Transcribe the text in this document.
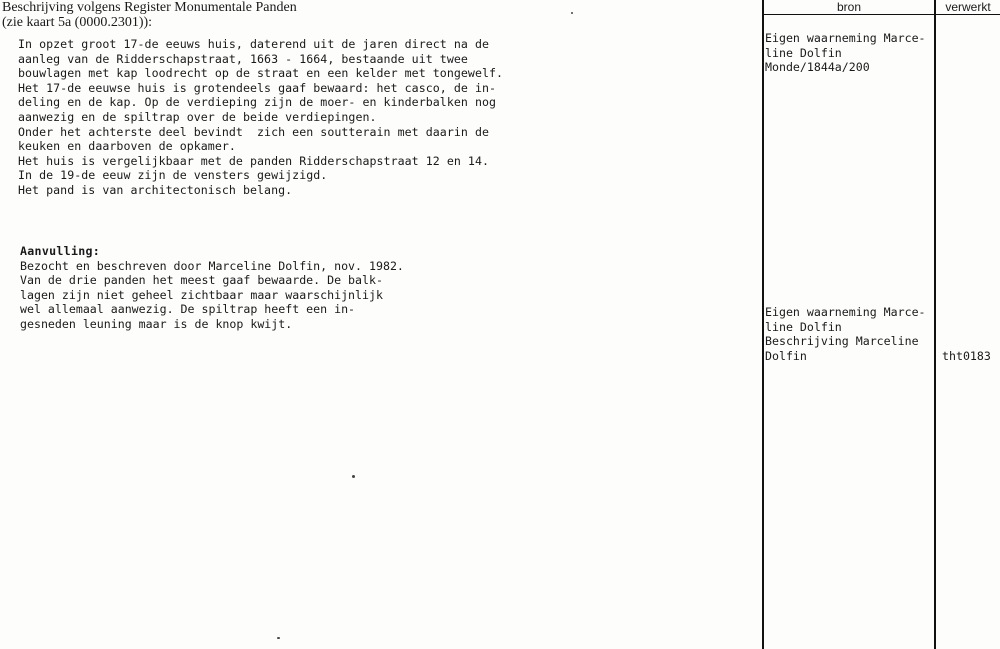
Beschrijving volgens Register Monumentale Panden
(zie kaart 5a (0000.2301)):
In opzet groot 17-de eeuws huis, daterend uit de jaren direct na de
aanleg van de Ridderschapstraat, 1663 - 1664, bestaande uit twee
bouwlagen met kap loodrecht op de straat en een kelder met tongewelf.
Het 17-de eeuwse huis is grotendeels gaaf bewaard: het casco, de in-
deling en de kap. Op de verdieping zijn de moer- en kinderbalken nog
aanwezig en de spiltrap over de beide verdiepingen.
Onder het achterste deel bevindt  zich een soutterain met daarin de
keuken en daarboven de opkamer.
Het huis is vergelijkbaar met de panden Ridderschapstraat 12 en 14.
In de 19-de eeuw zijn de vensters gewijzigd.
Het pand is van architectonisch belang.
Aanvulling:
Bezocht en beschreven door Marceline Dolfin, nov. 1982.
Van de drie panden het meest gaaf bewaarde. De balk-
lagen zijn niet geheel zichtbaar maar waarschijnlijk
wel allemaal aanwezig. De spiltrap heeft een in-
gesneden leuning maar is de knop kwijt.
bron	verwerkt
Eigen waarneming Marce-
line Dolfin
Monde/1844a/200
Eigen waarneming Marce-
line Dolfin
Beschrijving Marceline
Dolfin	tht0183
